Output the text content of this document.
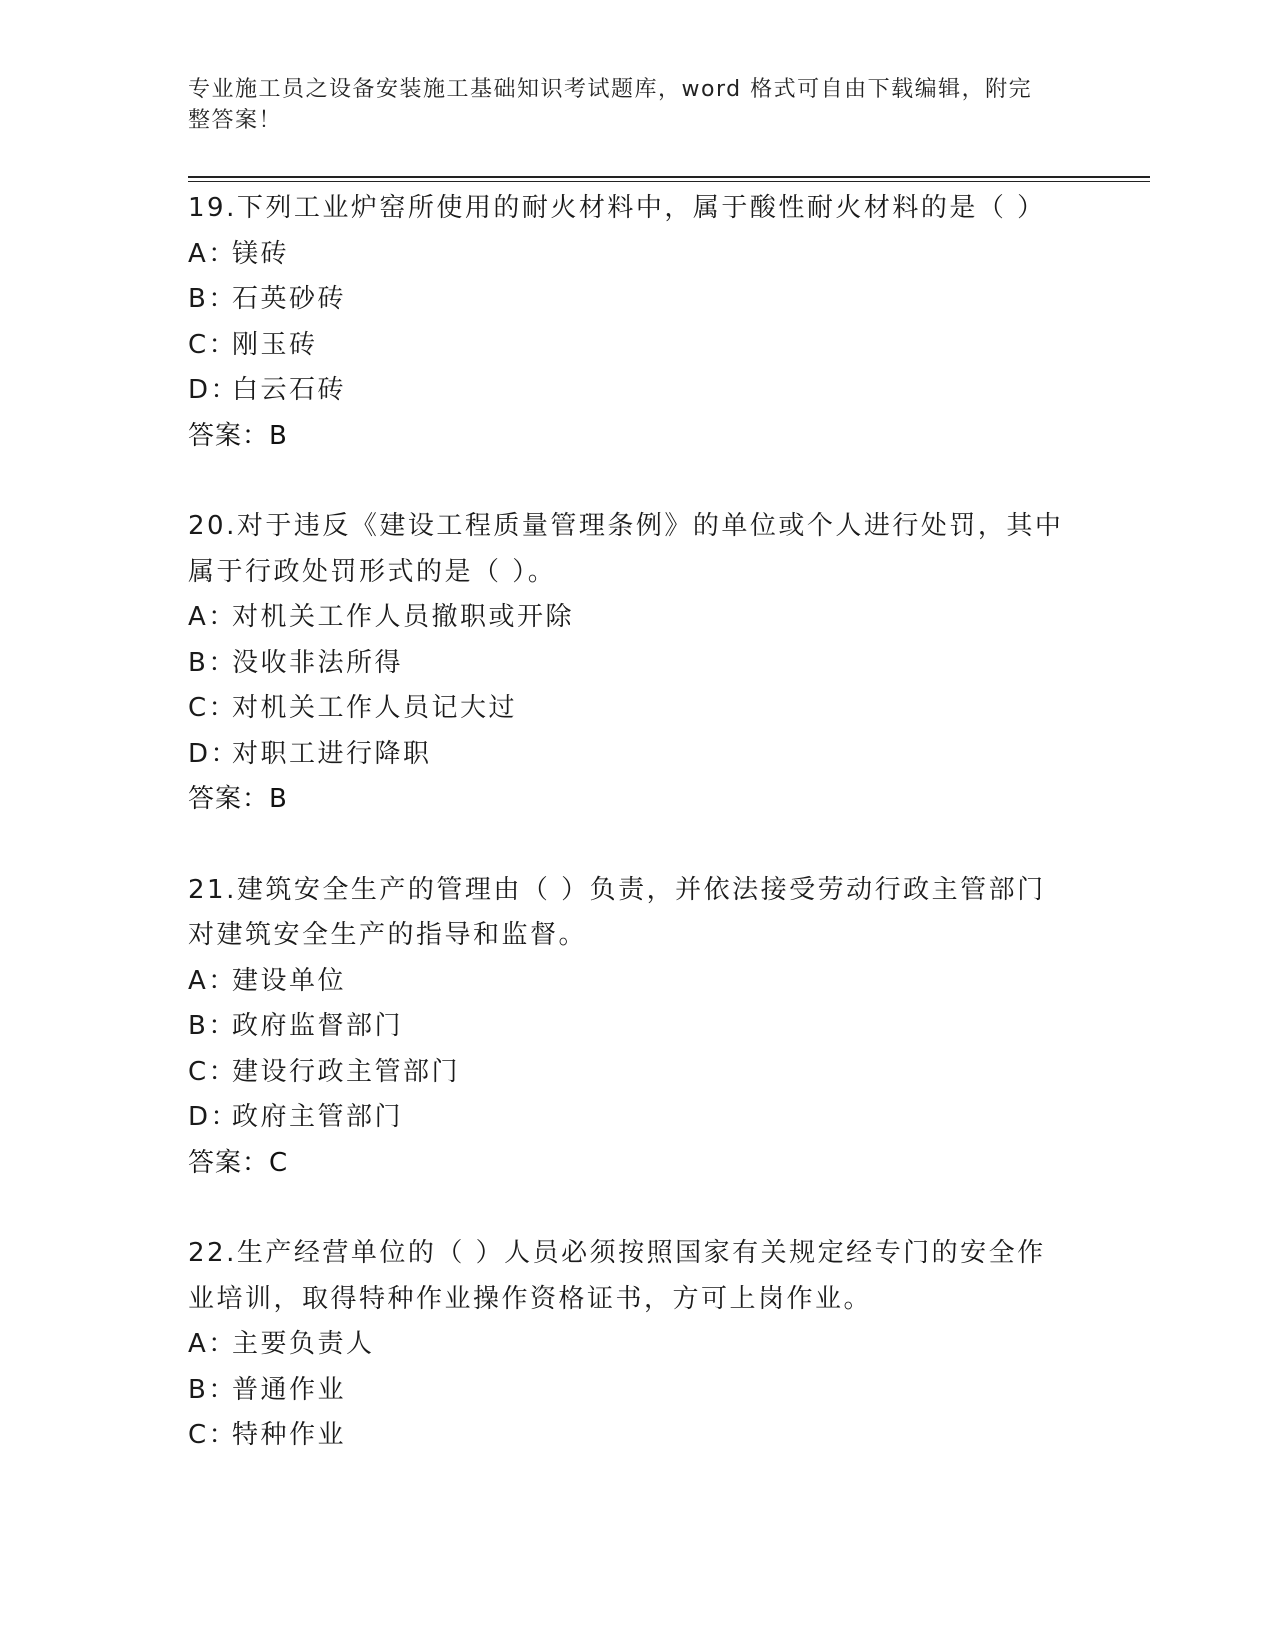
专业施工员之设备安装施工基础知识考试题库，word 格式可自由下载编辑，附完
整答案！
19.下列工业炉窑所使用的耐火材料中，属于酸性耐火材料的是（ ）
A：镁砖
B：石英砂砖
C：刚玉砖
D：白云石砖
答案：B
20.对于违反《建设工程质量管理条例》的单位或个人进行处罚，其中
属于行政处罚形式的是（ ）。
A：对机关工作人员撤职或开除
B：没收非法所得
C：对机关工作人员记大过
D：对职工进行降职
答案：B
21.建筑安全生产的管理由（ ）负责，并依法接受劳动行政主管部门
对建筑安全生产的指导和监督。
A：建设单位
B：政府监督部门
C：建设行政主管部门
D：政府主管部门
答案：C
22.生产经营单位的（ ）人员必须按照国家有关规定经专门的安全作
业培训，取得特种作业操作资格证书，方可上岗作业。
A：主要负责人
B：普通作业
C：特种作业
